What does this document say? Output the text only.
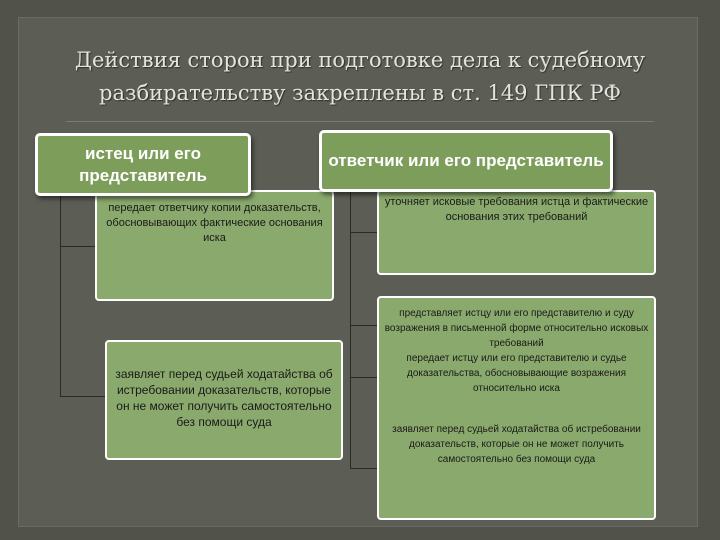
Действия сторон при подготовке дела к судебному
разбирательству закреплены в ст. 149 ГПК РФ
передает ответчику копии доказательств, обосновывающих фактические основания иска
заявляет перед судьей ходатайства об истребовании доказательств, которые он не может получить самостоятельно без помощи суда
уточняет исковые требования истца и фактические основания этих требований
представляет истцу или его представителю и суду возражения в письменной форме относительно исковых требований
передает истцу или его представителю и судье доказательства, обосновывающие возражения относительно иска
заявляет перед судьей ходатайства об истребовании доказательств, которые он не может получить самостоятельно без помощи суда
истец или его представитель
ответчик или его представитель
